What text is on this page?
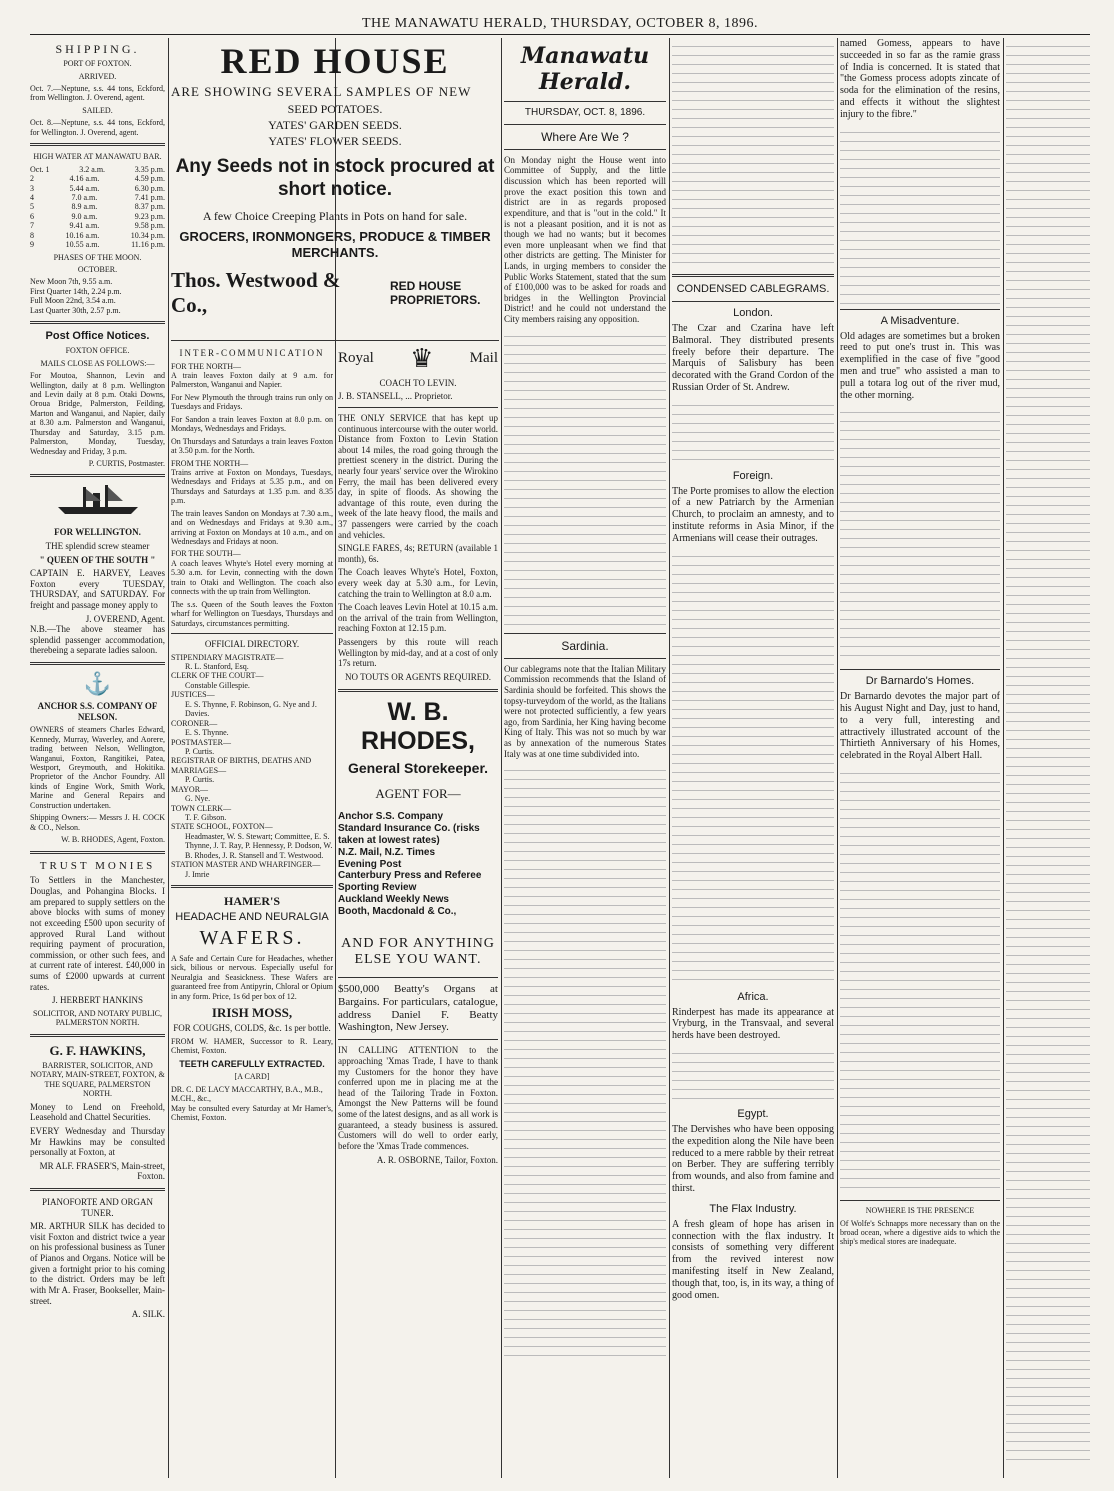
THE MANAWATU HERALD, THURSDAY, OCTOBER 8, 1896.
SHIPPING.
PORT OF FOXTON.
ARRIVED.

Oct. 7.—Neptune, s.s. 44 tons, Eckford, from Wellington. J. Overend, agent.

SAILED.

Oct. 8.—Neptune, s.s. 44 tons, Eckford, for Wellington. J. Overend, agent.

HIGH WATER AT MANAWATU BAR.
Oct. 1	3.2 a.m.	3.35 p.m.
2	4.16 a.m.	4.59 p.m.
3	5.44 a.m.	6.30 p.m.
4	7.0 a.m.	7.41 p.m.
5	8.9 a.m.	8.37 p.m.
6	9.0 a.m.	9.23 p.m.
7	9.41 a.m.	9.58 p.m.
8	10.16 a.m.	10.34 p.m.
9	10.55 a.m.	11.16 p.m.
PHASES OF THE MOON.
OCTOBER.
New Moon 7th, 9.55 a.m.
First Quarter 14th, 2.24 p.m.
Full Moon 22nd, 3.54 a.m.
Last Quarter 30th, 2.57 p.m.
Post Office Notices.
FOXTON OFFICE.
MAILS CLOSE AS FOLLOWS:—

For Moutoa, Shannon, Levin and Wellington, daily at 8 p.m. Wellington and Levin daily at 8 p.m. Otaki Downs, Oroua Bridge, Palmerston, Feilding, Marton and Wanganui, and Napier, daily at 8.30 a.m. Palmerston and Wanganui, Thursday and Saturday, 3.15 p.m. Palmerston, Monday, Tuesday, Wednesday and Friday, 3 p.m.

P. CURTIS, Postmaster.
FOR WELLINGTON.
THE splendid screw steamer
" QUEEN OF THE SOUTH "

CAPTAIN E. HARVEY, Leaves Foxton every TUESDAY, THURSDAY, and SATURDAY. For freight and passage money apply to

J. OVEREND, Agent.

N.B.—The above steamer has splendid passenger accommodation, therebeing a separate ladies saloon.

⚓
ANCHOR S.S. COMPANY OF NELSON.

OWNERS of steamers Charles Edward, Kennedy, Murray, Waverley, and Aorere, trading between Nelson, Wellington, Wanganui, Foxton, Rangitikei, Patea, Westport, Greymouth, and Hokitika. Proprietor of the Anchor Foundry. All kinds of Engine Work, Smith Work, Marine and General Repairs and Construction undertaken.

Shipping Owners:— Messrs J. H. COCK & CO., Nelson.

W. B. RHODES, Agent, Foxton.
TRUST MONIES

To Settlers in the Manchester, Douglas, and Pohangina Blocks. I am prepared to supply settlers on the above blocks with sums of money not exceeding £500 upon security of approved Rural Land without requiring payment of procuration, commission, or other such fees, and at current rate of interest. £40,000 in sums of £2000 upwards at current rates.

J. HERBERT HANKINS
SOLICITOR, AND NOTARY PUBLIC, PALMERSTON NORTH.
G. F. HAWKINS,
BARRISTER, SOLICITOR, AND NOTARY, MAIN-STREET, FOXTON, & THE SQUARE, PALMERSTON NORTH.

Money to Lend on Freehold, Leasehold and Chattel Securities.

EVERY Wednesday and Thursday Mr Hawkins may be consulted personally at Foxton, at

MR ALF. FRASER'S, Main-street, Foxton.
PIANOFORTE AND ORGAN TUNER.

MR. ARTHUR SILK has decided to visit Foxton and district twice a year on his professional business as Tuner of Pianos and Organs. Notice will be given a fortnight prior to his coming to the district. Orders may be left with Mr A. Fraser, Bookseller, Main-street.

A. SILK.
RED HOUSE
ARE SHOWING SEVERAL SAMPLES OF NEW
SEED POTATOES.
YATES' GARDEN SEEDS.
YATES' FLOWER SEEDS.
Any Seeds not in stock procured at short notice.
A few Choice Creeping Plants in Pots on hand for sale.
GROCERS, IRONMONGERS, PRODUCE & TIMBER MERCHANTS.
Thos. Westwood & Co.,
RED HOUSE PROPRIETORS.
INTER-COMMUNICATION
FOR THE NORTH—

A train leaves Foxton daily at 9 a.m. for Palmerston, Wanganui and Napier.

For New Plymouth the through trains run only on Tuesdays and Fridays.

For Sandon a train leaves Foxton at 8.0 p.m. on Mondays, Wednesdays and Fridays.

On Thursdays and Saturdays a train leaves Foxton at 3.50 p.m. for the North.

FROM THE NORTH—

Trains arrive at Foxton on Mondays, Tuesdays, Wednesdays and Fridays at 5.35 p.m., and on Thursdays and Saturdays at 1.35 p.m. and 8.35 p.m.

The train leaves Sandon on Mondays at 7.30 a.m., and on Wednesdays and Fridays at 9.30 a.m., arriving at Foxton on Mondays at 10 a.m., and on Wednesdays and Fridays at noon.

FOR THE SOUTH—

A coach leaves Whyte's Hotel every morning at 5.30 a.m. for Levin, connecting with the down train to Otaki and Wellington. The coach also connects with the up train from Wellington.

The s.s. Queen of the South leaves the Foxton wharf for Wellington on Tuesdays, Thursdays and Saturdays, circumstances permitting.

OFFICIAL DIRECTORY.
STIPENDIARY MAGISTRATE—
R. L. Stanford, Esq.
CLERK OF THE COURT—
Constable Gillespie.
JUSTICES—
E. S. Thynne, F. Robinson, G. Nye and J. Davies.
CORONER—
E. S. Thynne.
POSTMASTER—
P. Curtis.
REGISTRAR OF BIRTHS, DEATHS AND MARRIAGES—
P. Curtis.
MAYOR—
G. Nye.
TOWN CLERK—
T. F. Gibson.
STATE SCHOOL, FOXTON—
Headmaster, W. S. Stewart; Committee, E. S. Thynne, J. T. Ray, P. Hennessy, P. Dodson, W. B. Rhodes, J. R. Stansell and T. Westwood.
STATION MASTER AND WHARFINGER—
J. Imrie
HAMER'S
HEADACHE AND NEURALGIA
WAFERS.

A Safe and Certain Cure for Headaches, whether sick, bilious or nervous. Especially useful for Neuralgia and Seasickness. These Wafers are guaranteed free from Antipyrin, Chloral or Opium in any form. Price, 1s 6d per box of 12.

IRISH MOSS,
FOR COUGHS, COLDS, &c. 1s per bottle.

FROM W. HAMER, Successor to R. Leary, Chemist, Foxton.

TEETH CAREFULLY EXTRACTED.
[A CARD]
DR. C. DE LACY MACCARTHY, B.A., M.B., M.CH., &c.,

May be consulted every Saturday at Mr Hamer's, Chemist, Foxton.

Royal ♛ Mail
COACH TO LEVIN.
J. B. STANSELL, ... Proprietor.

THE ONLY SERVICE that has kept up continuous intercourse with the outer world. Distance from Foxton to Levin Station about 14 miles, the road going through the prettiest scenery in the district. During the nearly four years' service over the Wirokino Ferry, the mail has been delivered every day, in spite of floods. As showing the advantage of this route, even during the week of the late heavy flood, the mails and 37 passengers were carried by the coach and vehicles.

SINGLE FARES, 4s; RETURN (available 1 month), 6s.

The Coach leaves Whyte's Hotel, Foxton, every week day at 5.30 a.m., for Levin, catching the train to Wellington at 8.0 a.m.

The Coach leaves Levin Hotel at 10.15 a.m. on the arrival of the train from Wellington, reaching Foxton at 12.15 p.m.

Passengers by this route will reach Wellington by mid-day, and at a cost of only 17s return.

NO TOUTS OR AGENTS REQUIRED.
W. B. RHODES,
General Storekeeper.
AGENT FOR—
Anchor S.S. Company
Standard Insurance Co. (risks taken at lowest rates)
N.Z. Mail, N.Z. Times
Evening Post
Canterbury Press and Referee
Sporting Review
Auckland Weekly News
Booth, Macdonald & Co.,
AND FOR ANYTHING ELSE YOU WANT.

$500,000 Beatty's Organs at Bargains. For particulars, catalogue, address Daniel F. Beatty Washington, New Jersey.

IN CALLING ATTENTION to the approaching 'Xmas Trade, I have to thank my Customers for the honor they have conferred upon me in placing me at the head of the Tailoring Trade in Foxton. Amongst the New Patterns will be found some of the latest designs, and as all work is guaranteed, a steady business is assured. Customers will do well to order early, before the 'Xmas Trade commences.

A. R. OSBORNE, Tailor, Foxton.
Manawatu Herald.
THURSDAY, OCT. 8, 1896.
Where Are We ?

On Monday night the House went into Committee of Supply, and the little discussion which has been reported will prove the exact position this town and district are in as regards proposed expenditure, and that is "out in the cold." It is not a pleasant position, and it is not as though we had no wants; but it becomes even more unpleasant when we find that other districts are getting. The Minister for Lands, in urging members to consider the Public Works Statement, stated that the sum of £100,000 was to be asked for roads and bridges in the Wellington Provincial District! and he could not understand the City members raising any opposition.

Sardinia.

Our cablegrams note that the Italian Military Commission recommends that the Island of Sardinia should be forfeited. This shows the topsy-turveydom of the world, as the Italians were not protected sufficiently, a few years ago, from Sardinia, her King having become King of Italy. This was not so much by war as by annexation of the numerous States Italy was at one time subdivided into.

CONDENSED CABLEGRAMS.
London.

The Czar and Czarina have left Balmoral. They distributed presents freely before their departure. The Marquis of Salisbury has been decorated with the Grand Cordon of the Russian Order of St. Andrew.

Foreign.

The Porte promises to allow the election of a new Patriarch by the Armenian Church, to proclaim an amnesty, and to institute reforms in Asia Minor, if the Armenians will cease their outrages.

Africa.

Rinderpest has made its appearance at Vryburg, in the Transvaal, and several herds have been destroyed.

Egypt.

The Dervishes who have been opposing the expedition along the Nile have been reduced to a mere rabble by their retreat on Berber. They are suffering terribly from wounds, and also from famine and thirst.

The Flax Industry.

A fresh gleam of hope has arisen in connection with the flax industry. It consists of something very different from the revived interest now manifesting itself in New Zealand, though that, too, is, in its way, a thing of good omen.

named Gomess, appears to have succeeded in so far as the ramie grass of India is concerned. It is stated that "the Gomess process adopts zincate of soda for the elimination of the resins, and effects it without the slightest injury to the fibre."

A Misadventure.

Old adages are sometimes but a broken reed to put one's trust in. This was exemplified in the case of five "good men and true" who assisted a man to pull a totara log out of the river mud, the other morning.

Dr Barnardo's Homes.

Dr Barnardo devotes the major part of his August Night and Day, just to hand, to a very full, interesting and attractively illustrated account of the Thirtieth Anniversary of his Homes, celebrated in the Royal Albert Hall.

NOWHERE IS THE PRESENCE

Of Wolfe's Schnapps more necessary than on the broad ocean, where a digestive aids to which the ship's medical stores are inadequate.
